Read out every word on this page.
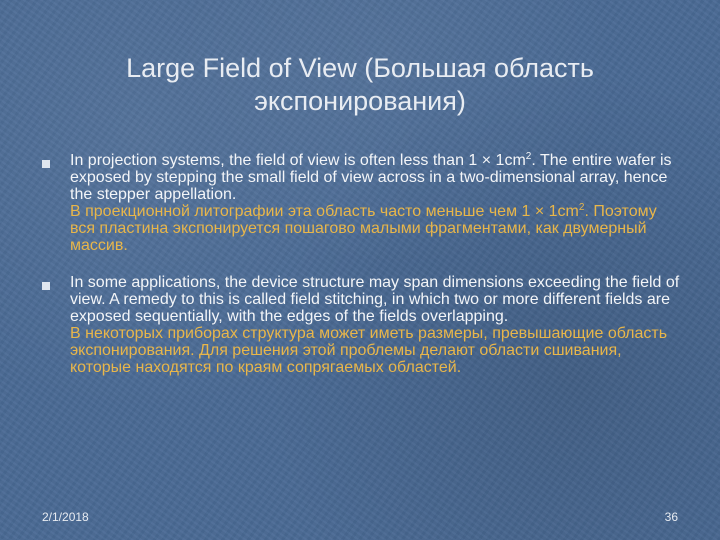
Large Field of View (Большая область
экспонирования)

In projection systems, the field of view is often less than $1 \times 1cm^2$. The entire wafer is exposed by stepping the small field of view across in a two-dimensional array, hence the stepper appellation.

В проекционной литографии эта область часто меньше чем $1 \times 1cm^2$. Поэтому вся пластина экспонируется пошагово малыми фрагментами, как двумерный массив.

In some applications, the device structure may span dimensions exceeding the field of view. A remedy to this is called field stitching, in which two or more different fields are exposed sequentially, with the edges of the fields overlapping.

В некоторых приборах структура может иметь размеры, превышающие область экспонирования. Для решения этой проблемы делают области сшивания, которые находятся по краям сопрягаемых областей.

2/1/2018	36
